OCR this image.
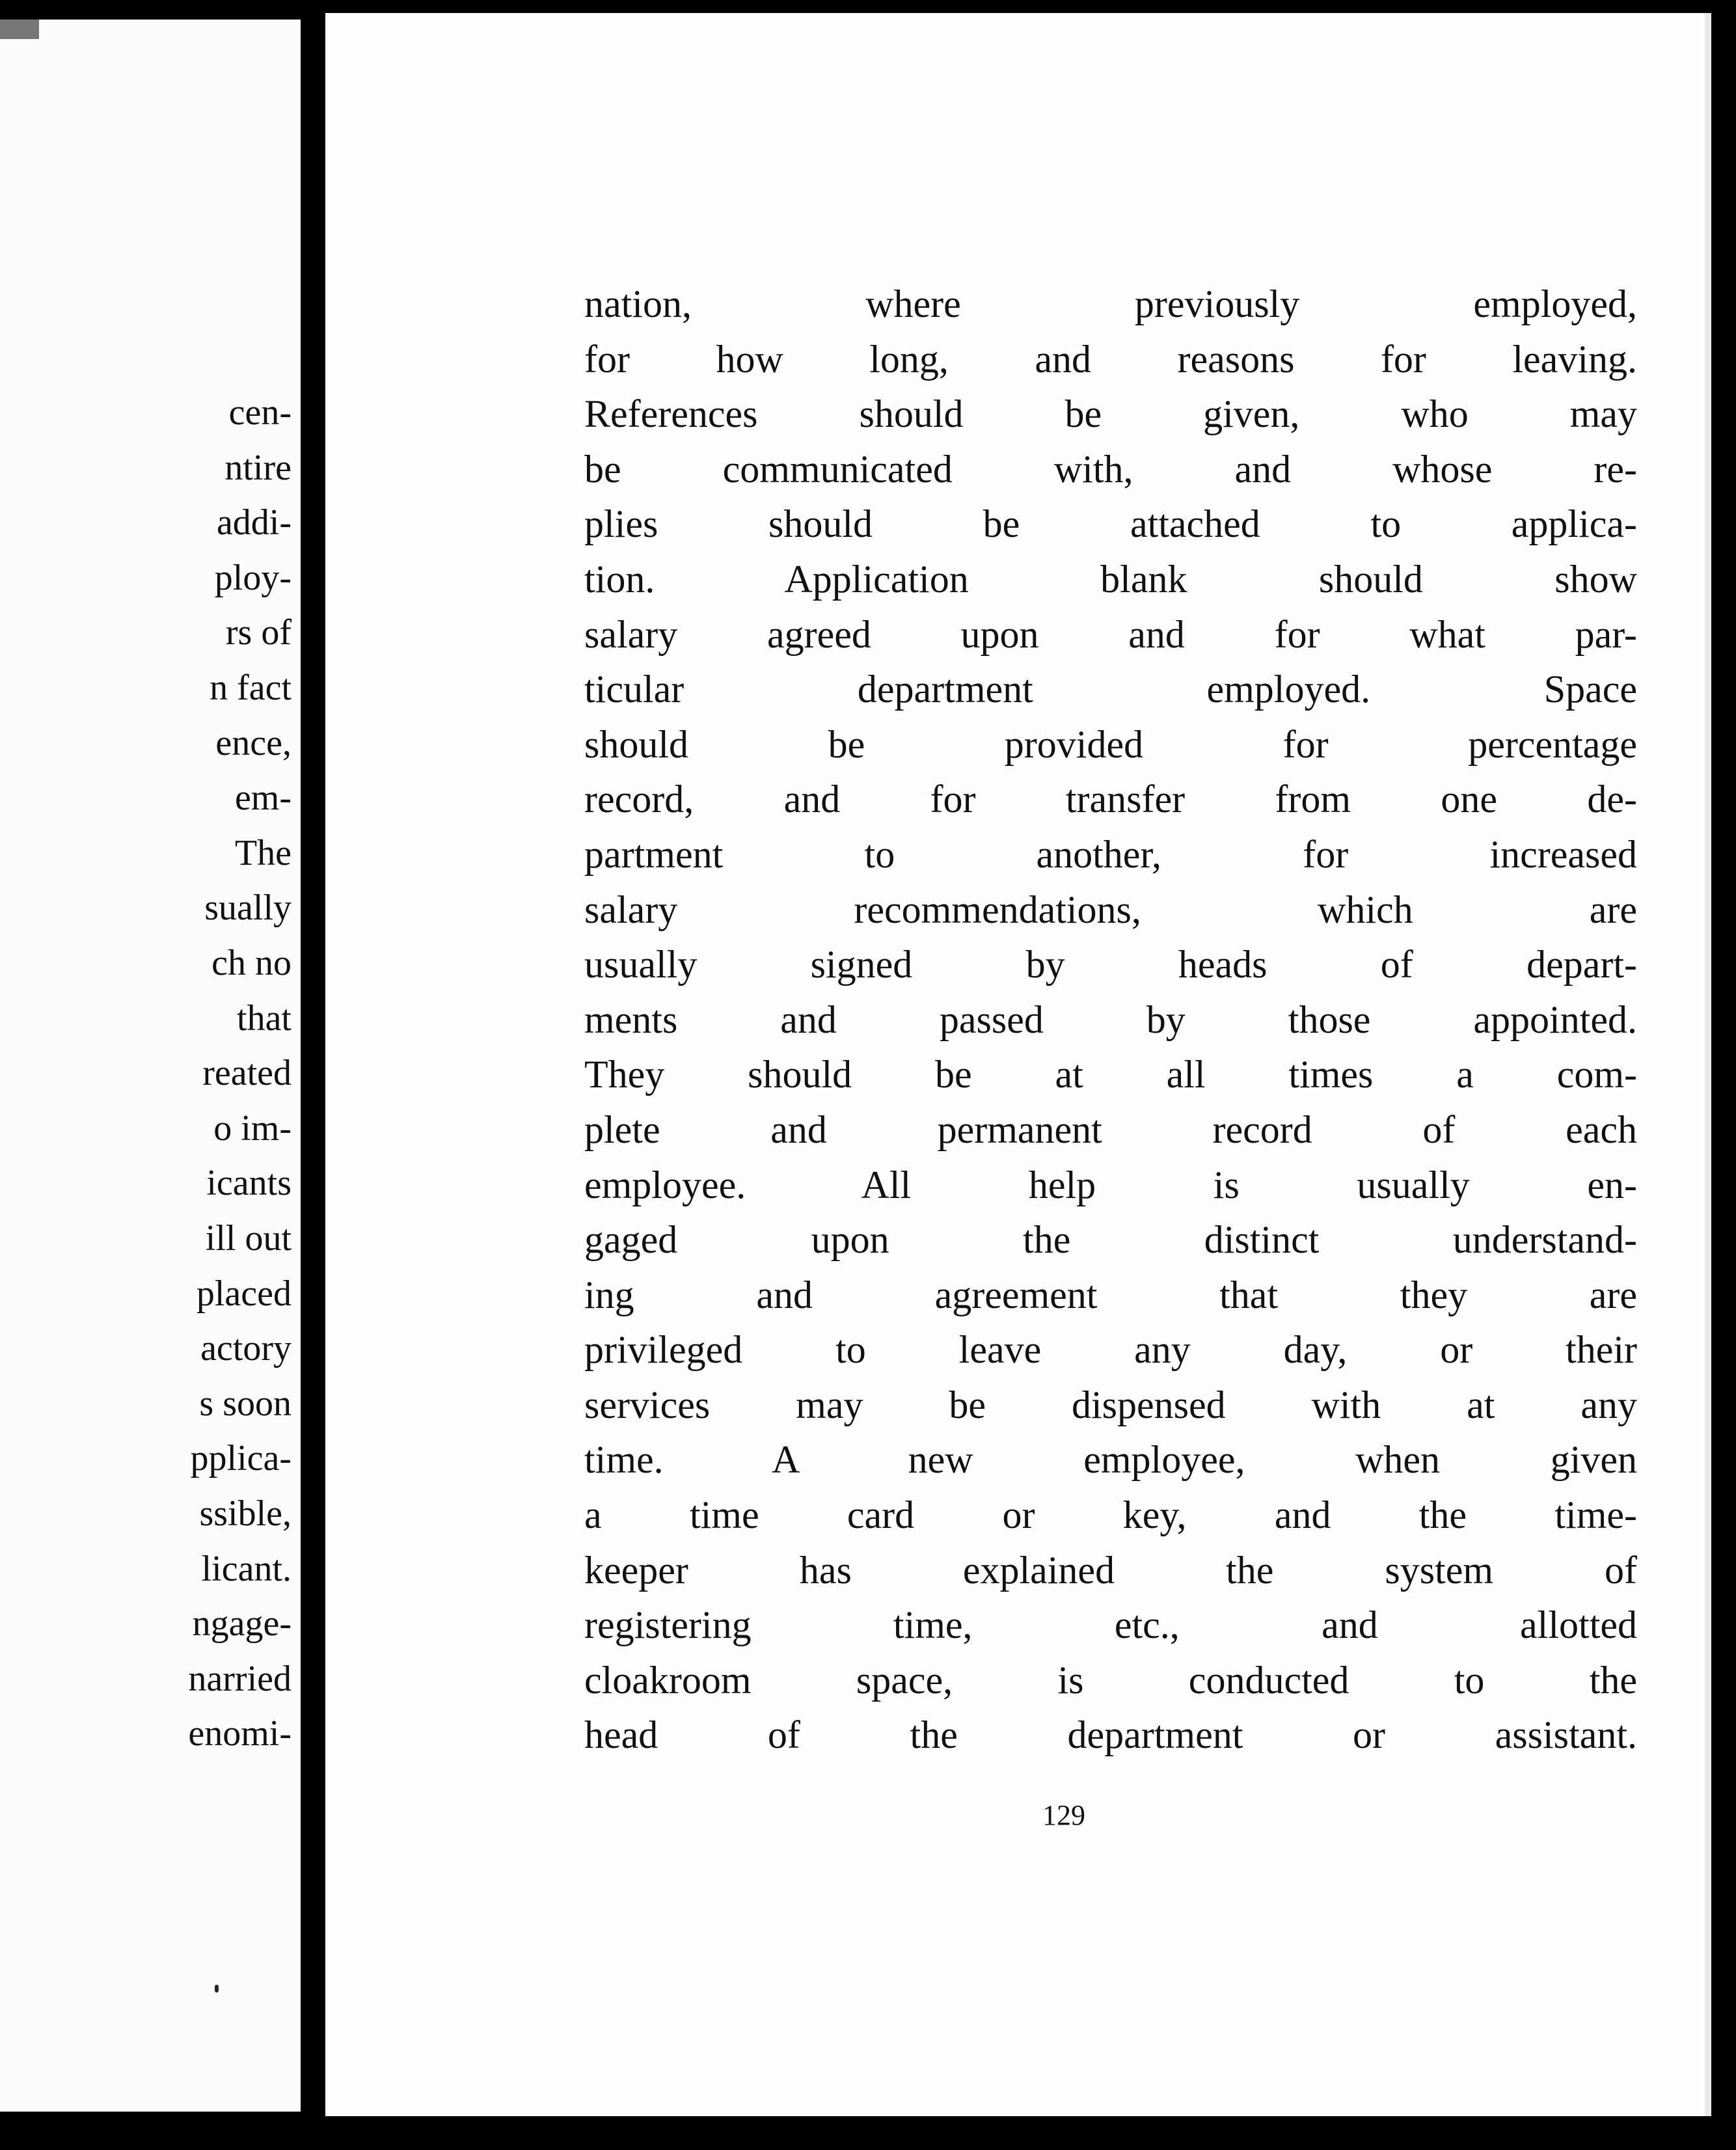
cen-
ntire
addi-
ploy-
rs of
n fact
ence,
em-
The
sually
ch no
that
reated
o im-
icants
ill out
placed
actory
s soon
pplica-
ssible,
licant.
ngage-
narried
enomi-
nation, where previously employed,
for how long, and reasons for leaving.
References should be given, who may
be communicated with, and whose re-
plies should be attached to applica-
tion. Application blank should show
salary agreed upon and for what par-
ticular department employed. Space
should be provided for percentage
record, and for transfer from one de-
partment to another, for increased
salary recommendations, which are
usually signed by heads of depart-
ments and passed by those appointed.
They should be at all times a com-
plete and permanent record of each
employee. All help is usually en-
gaged upon the distinct understand-
ing and agreement that they are
privileged to leave any day, or their
services may be dispensed with at any
time. A new employee, when given
a time card or key, and the time-
keeper has explained the system of
registering time, etc., and allotted
cloakroom space, is conducted to the
head of the department or assistant.
129
